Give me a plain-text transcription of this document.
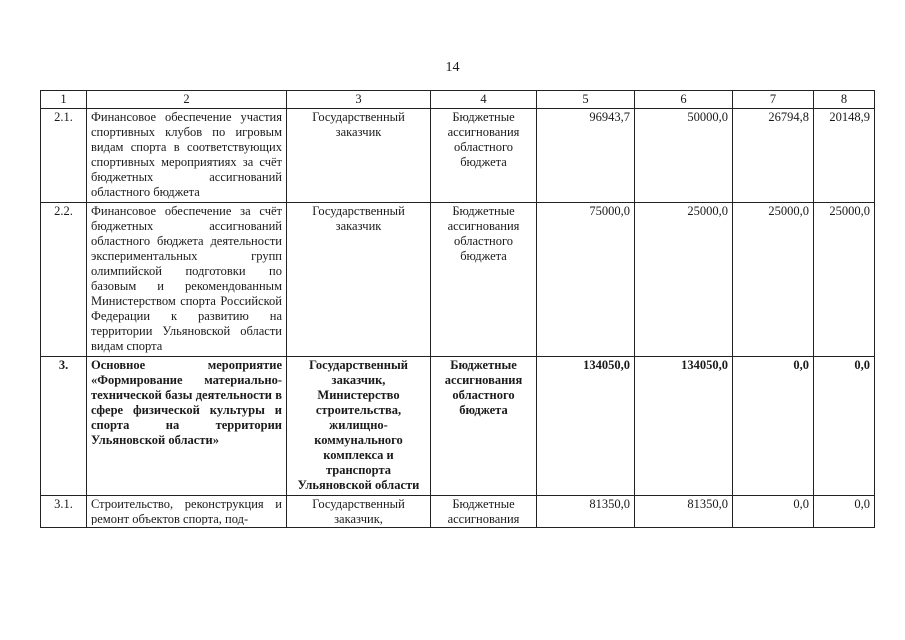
14
1	2	3	4	5	6	7	8
2.1.	Финансовое обеспечение участия спортивных клубов по игровым видам спорта в соответствующих спортивных мероприятиях за счёт бюджетных ассигнований областного бюджета	Государственный заказчик	Бюджетные ассигнования областного бюджета	96943,7	50000,0	26794,8	20148,9
2.2.	Финансовое обеспечение за счёт бюджетных ассигнований областного бюджета деятельности экспериментальных групп олимпийской подготовки по базовым и рекомендованным Министерством спорта Российской Федерации к развитию на территории Ульяновской области видам спорта	Государственный заказчик	Бюджетные ассигнования областного бюджета	75000,0	25000,0	25000,0	25000,0
3.	Основное мероприятие «Формирование материально-технической базы деятельности в сфере физической культуры и спорта на территории Ульяновской области»	Государственный заказчик, Министерство строительства, жилищно-коммунального комплекса и транспорта Ульяновской области	Бюджетные ассигнования областного бюджета	134050,0	134050,0	0,0	0,0
3.1.	Строительство, реконструкция и ремонт объектов спорта, под-	Государственный заказчик,	Бюджетные ассигнования	81350,0	81350,0	0,0	0,0
